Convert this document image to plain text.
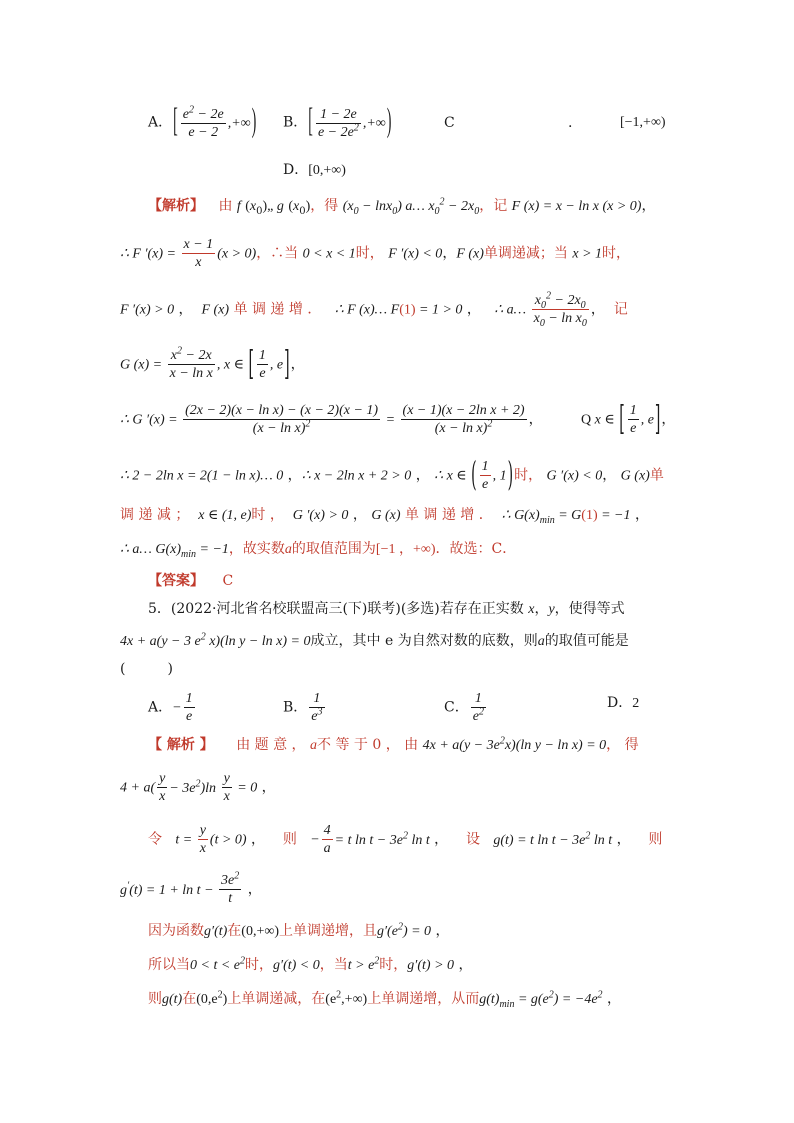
A．[ $\frac{e^2 - 2e}{e - 2}$ ,+∞) B．[ $\frac{1 - 2e}{e - 2e^2}$ ,+∞)	C	.	[−1,+∞)
D．[0,+∞)
【解析】 由 f $(x_0)„$ g $(x_0)$，得 $(x_0 - \ln x_0)$ a… $x_0^2 - 2x_0$，记 F (x) = x − ln x (x > 0)，
∴ F $'(x) = \frac{x - 1}{x} (x > 0)$，∴当 0 < x < 1时， F ′(x) < 0，F (x)单调递减；当 x > 1时，
F ′(x) > 0 ，  F (x) 单 调 递 增 ． ∴ F (x)… F(1) = 1 > 0 ，   ∴ a… $\frac{x_0^2 - 2x_0}{x_0 - \ln x_0}$ ，  记
G $(x) = \frac{x^2 - 2x}{\text{x − ln x}}$ , x ∈ [ $\frac{1}{e}$ , e]，
∴ G $'(x) = \frac{\text{(2x − 2)(x − ln x) − (x − 2)(x − 1)}}{(x - \ln x)^2} = \frac{\text{(x − 1)(x − 2ln x + 2)}}{(x - \ln x)^2}$ ，	Q x ∈ [ $\frac{1}{e}$ , e]，
∴ 2 − 2ln x = 2(1 − ln x)… 0 ，∴ x − 2ln x + 2 > 0 ， ∴ x ∈ ( $\frac{1}{e}$ , 1)时， G ′(x) < 0， G (x)单
调 递 减 ； x ∈ (1, e)时 ， G ′(x) > 0 ， G (x) 单 调 递 增 ． ∴ $G(x)_{min} = G(1) = -1$ ，
∴ a… $G(x)_{min} = -1$，故实数a的取值范围为[−1 ，+∞)．故选：C．
【答案】 C
5．(2022·河北省名校联盟高三(下)联考)(多选)若存在正实数 x，y，使得等式
4x + a(y − 3 $e^2$ x)(ln y − ln x) = 0成立，其中 e 为自然对数的底数，则a的取值可能是
(　　　)
A．− $\frac{1}{e}$	B． $\frac{1}{e^3}$	C． $\frac{1}{e^2}$	D．2
【 解析 】 由 题 意 ， a不 等 于 0 ， 由 $4x + a(y - 3e^2x)(\ln$ y − ln x) = 0， 得
$4 + a( \frac{y}{x} - 3e^2)\ln \frac{y}{x} = 0$ ，
令 $t = \frac{y}{x} (t > 0)$ ， 则 − $\frac{4}{a} = t$ $\ln t - 3e^2$ ln t ， 设 g(t) = t $\ln t - 3e^2$ ln t ， 则
$g'(t) = 1 + \ln t - \frac{3e^2}{t}$ ，
因为函数g′(t)在(0,+∞)上单调递增，且$g'(e^2) = 0$ ，
所以当$0 < t < e^2$时，g′(t) < 0，当$t > e^2$时，g′(t) > 0 ，
则g(t)在$(0,e^2)$上单调递减，在$(e^2,+\infty)$上单调递增，从而$g(t)_{min} = g(e^2) = -4e^2$ ，
